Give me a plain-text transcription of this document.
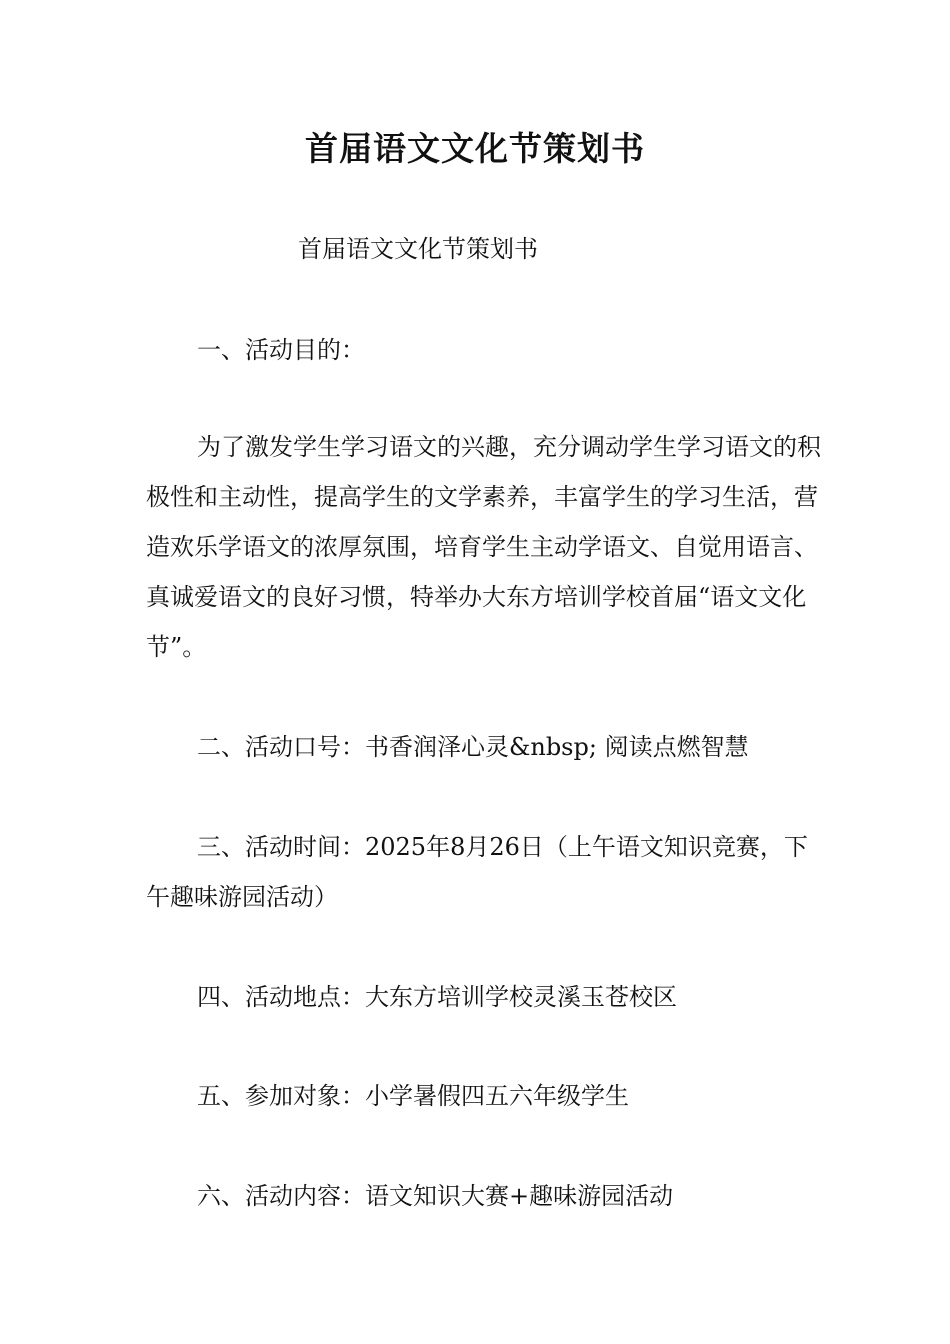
首届语文文化节策划书

首届语文文化节策划书

一、活动目的：

为了激发学生学习语文的兴趣，充分调动学生学习语文的积极性和主动性，提高学生的文学素养，丰富学生的学习生活，营造欢乐学语文的浓厚氛围，培育学生主动学语文、自觉用语言、真诚爱语文的良好习惯，特举办大东方培训学校首届“语文文化节”。

二、活动口号：书香润泽心灵&nbsp; 阅读点燃智慧

三、活动时间：2025年8月26日（上午语文知识竞赛，下午趣味游园活动）

四、活动地点：大东方培训学校灵溪玉苍校区

五、参加对象：小学暑假四五六年级学生

六、活动内容：语文知识大赛+趣味游园活动
